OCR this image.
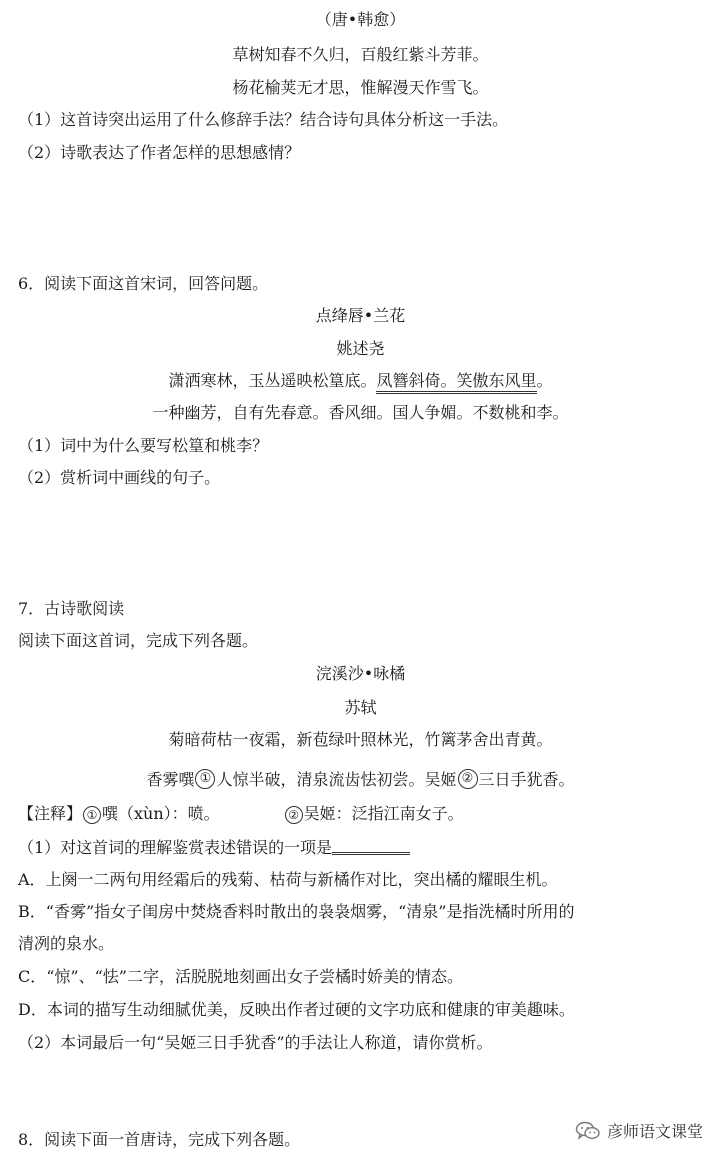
（唐•韩愈）
草树知春不久归，百般红紫斗芳菲。
杨花榆荚无才思，惟解漫天作雪飞。
（1）这首诗突出运用了什么修辞手法？结合诗句具体分析这一手法。
（2）诗歌表达了作者怎样的思想感情？
6．阅读下面这首宋词，回答问题。
点绛唇•兰花
姚述尧
潇洒寒林，玉丛遥映松篁底。凤簪斜倚。笑傲东风里。
一种幽芳，自有先春意。香风细。国人争媚。不数桃和李。
（1）词中为什么要写松篁和桃李？
（2）赏析词中画线的句子。
7．古诗歌阅读
阅读下面这首词，完成下列各题。
浣溪沙•咏橘
苏轼
菊暗荷枯一夜霜，新苞绿叶照林光，竹篱茅舍出青黄。
香雾噀 ① 人惊半破，清泉流齿怯初尝。吴姬 ② 三日手犹香。
【注释】 ① 噀（xùn）：喷。	② 吴姬：泛指江南女子。
（1）对这首词的理解鉴赏表述错误的一项是
A．上阕一二两句用经霜后的残菊、枯荷与新橘作对比，突出橘的耀眼生机。
B．“香雾”指女子闺房中焚烧香料时散出的袅袅烟雾，“清泉”是指洗橘时所用的
清冽的泉水。
C．“惊”、“怯”二字，活脱脱地刻画出女子尝橘时娇美的情态。
D．本词的描写生动细腻优美，反映出作者过硬的文字功底和健康的审美趣味。
（2）本词最后一句“吴姬三日手犹香”的手法让人称道，请你赏析。
8．阅读下面一首唐诗，完成下列各题。	彦师语文课堂
